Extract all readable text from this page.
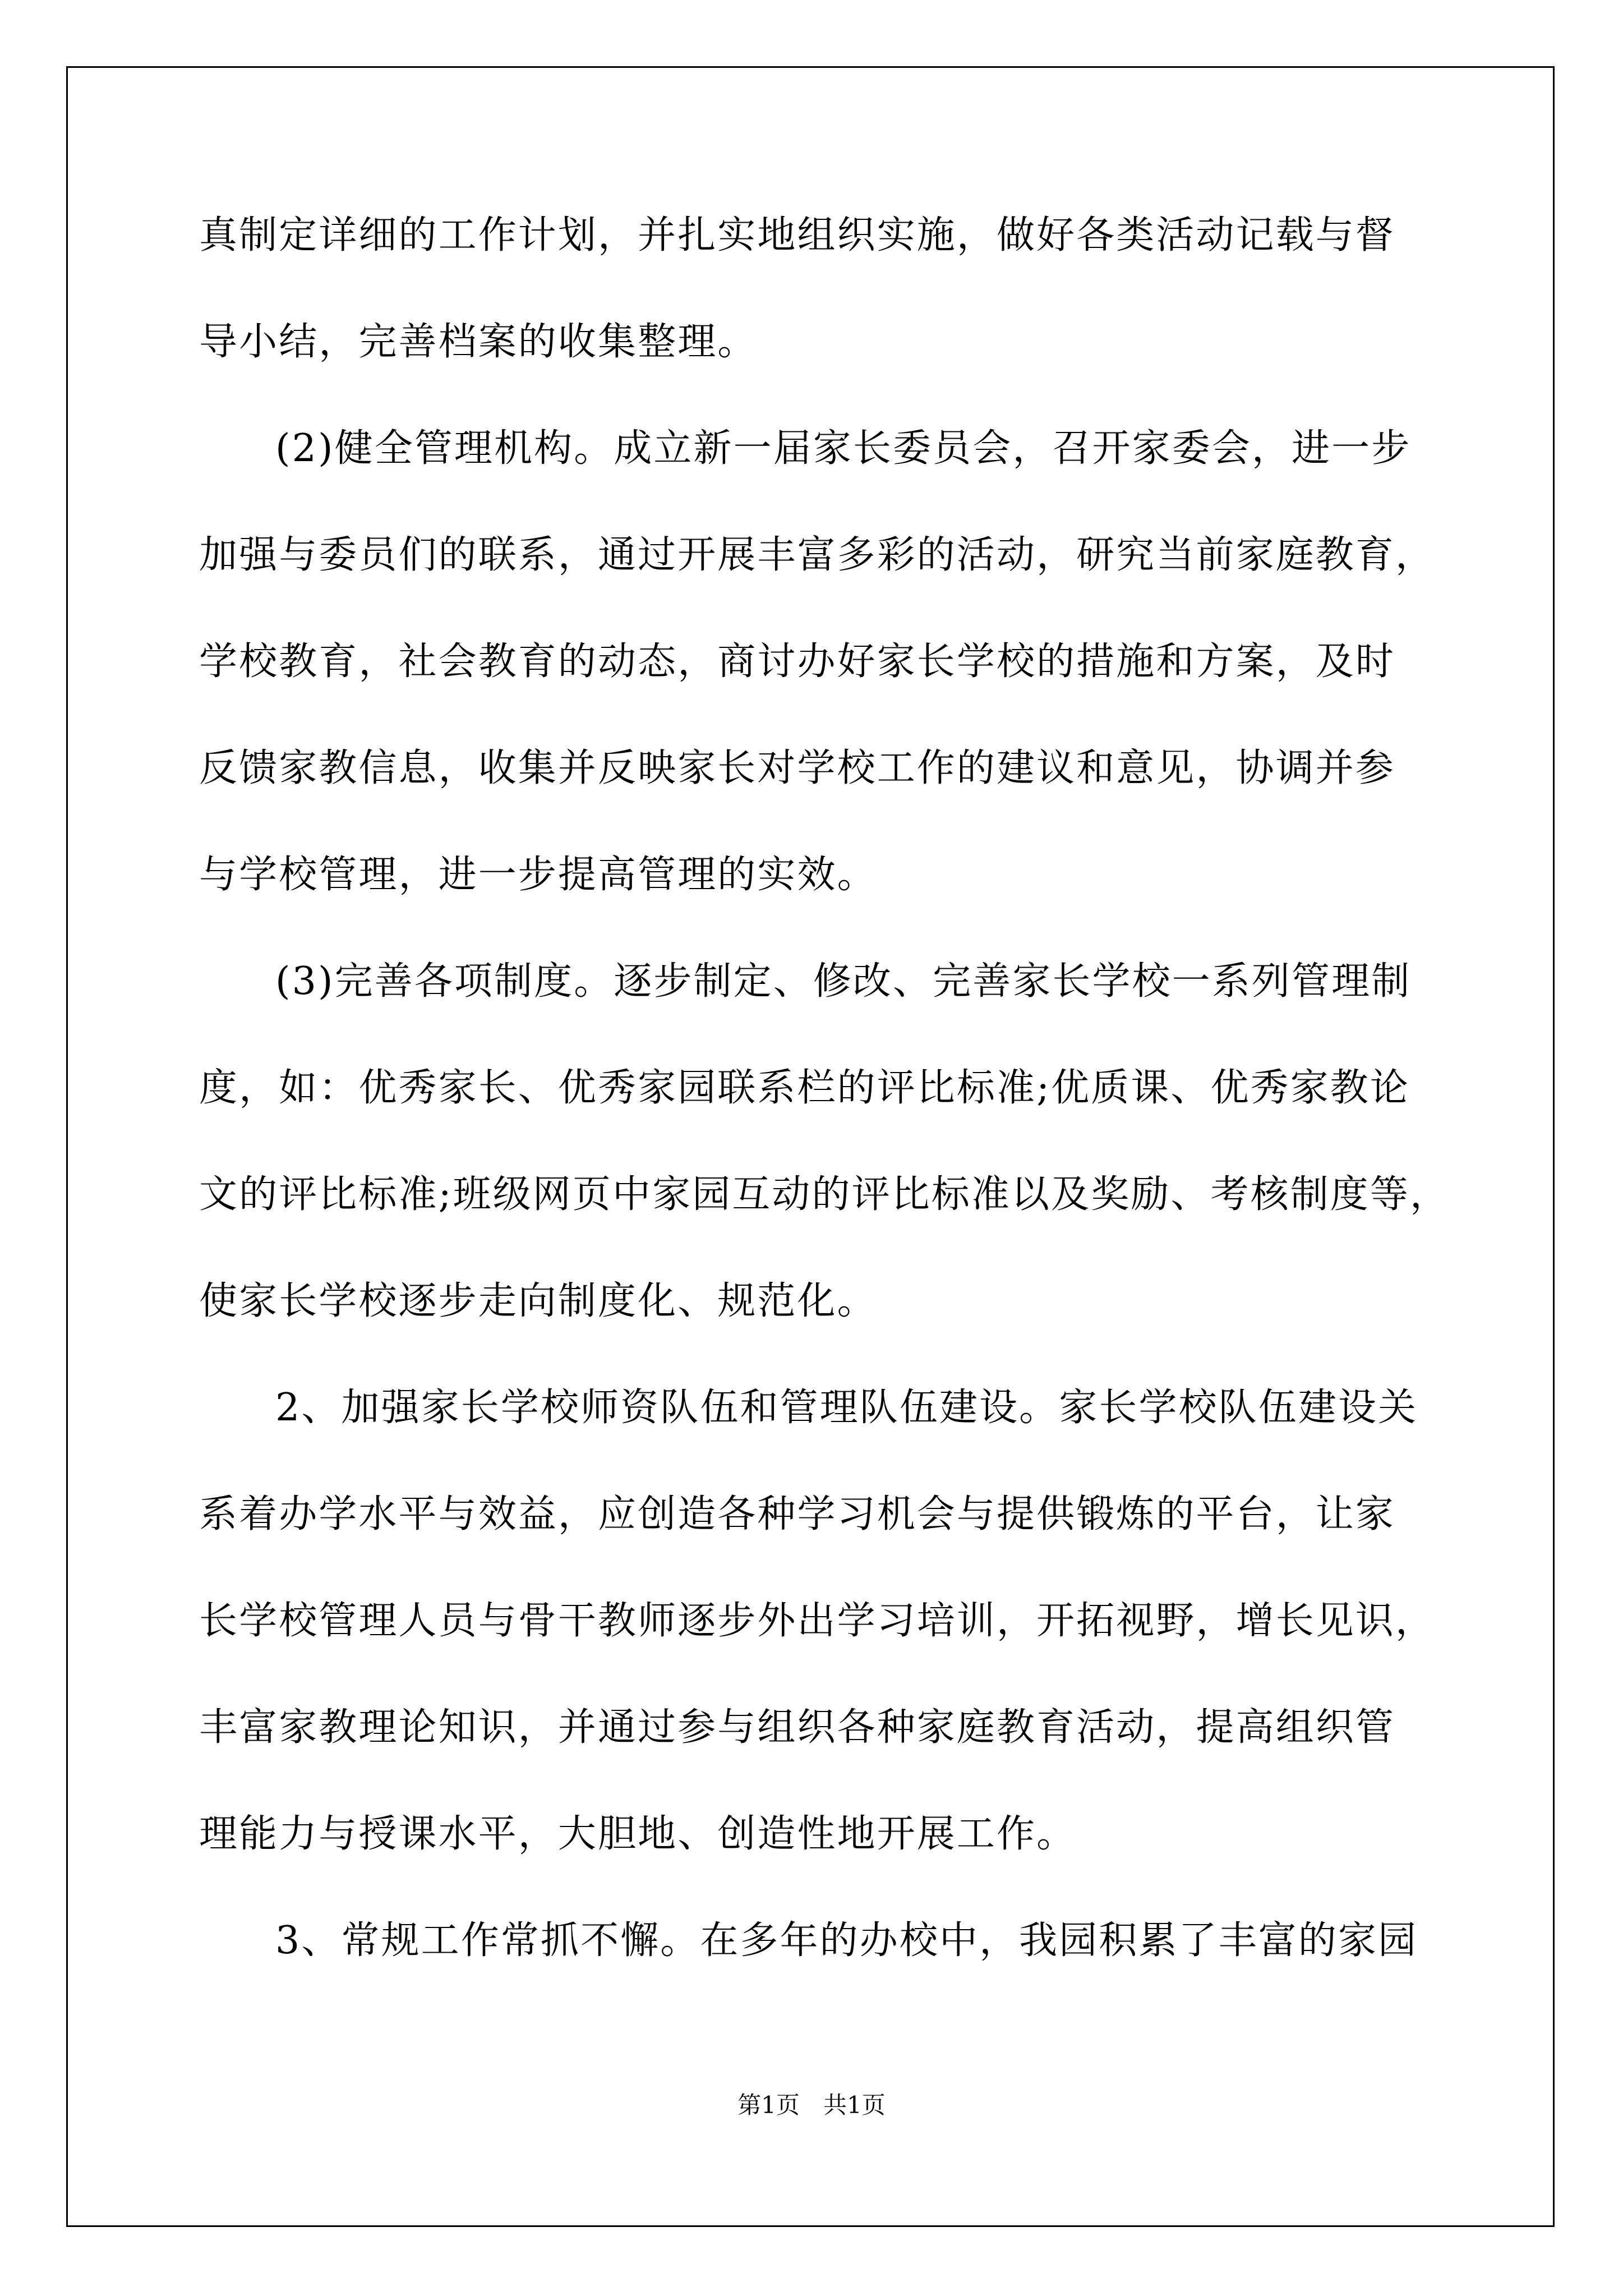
真制定详细的工作计划，并扎实地组织实施，做好各类活动记载与督
导小结，完善档案的收集整理。
(2)健全管理机构。成立新一届家长委员会，召开家委会，进一步
加强与委员们的联系，通过开展丰富多彩的活动，研究当前家庭教育，
学校教育，社会教育的动态，商讨办好家长学校的措施和方案，及时
反馈家教信息，收集并反映家长对学校工作的建议和意见，协调并参
与学校管理，进一步提高管理的实效。
(3)完善各项制度。逐步制定、修改、完善家长学校一系列管理制
度，如：优秀家长、优秀家园联系栏的评比标准;优质课、优秀家教论
文的评比标准;班级网页中家园互动的评比标准以及奖励、考核制度等，
使家长学校逐步走向制度化、规范化。
2、加强家长学校师资队伍和管理队伍建设。家长学校队伍建设关
系着办学水平与效益，应创造各种学习机会与提供锻炼的平台，让家
长学校管理人员与骨干教师逐步外出学习培训，开拓视野，增长见识，
丰富家教理论知识，并通过参与组织各种家庭教育活动，提高组织管
理能力与授课水平，大胆地、创造性地开展工作。
3、常规工作常抓不懈。在多年的办校中，我园积累了丰富的家园
第1页　共1页
